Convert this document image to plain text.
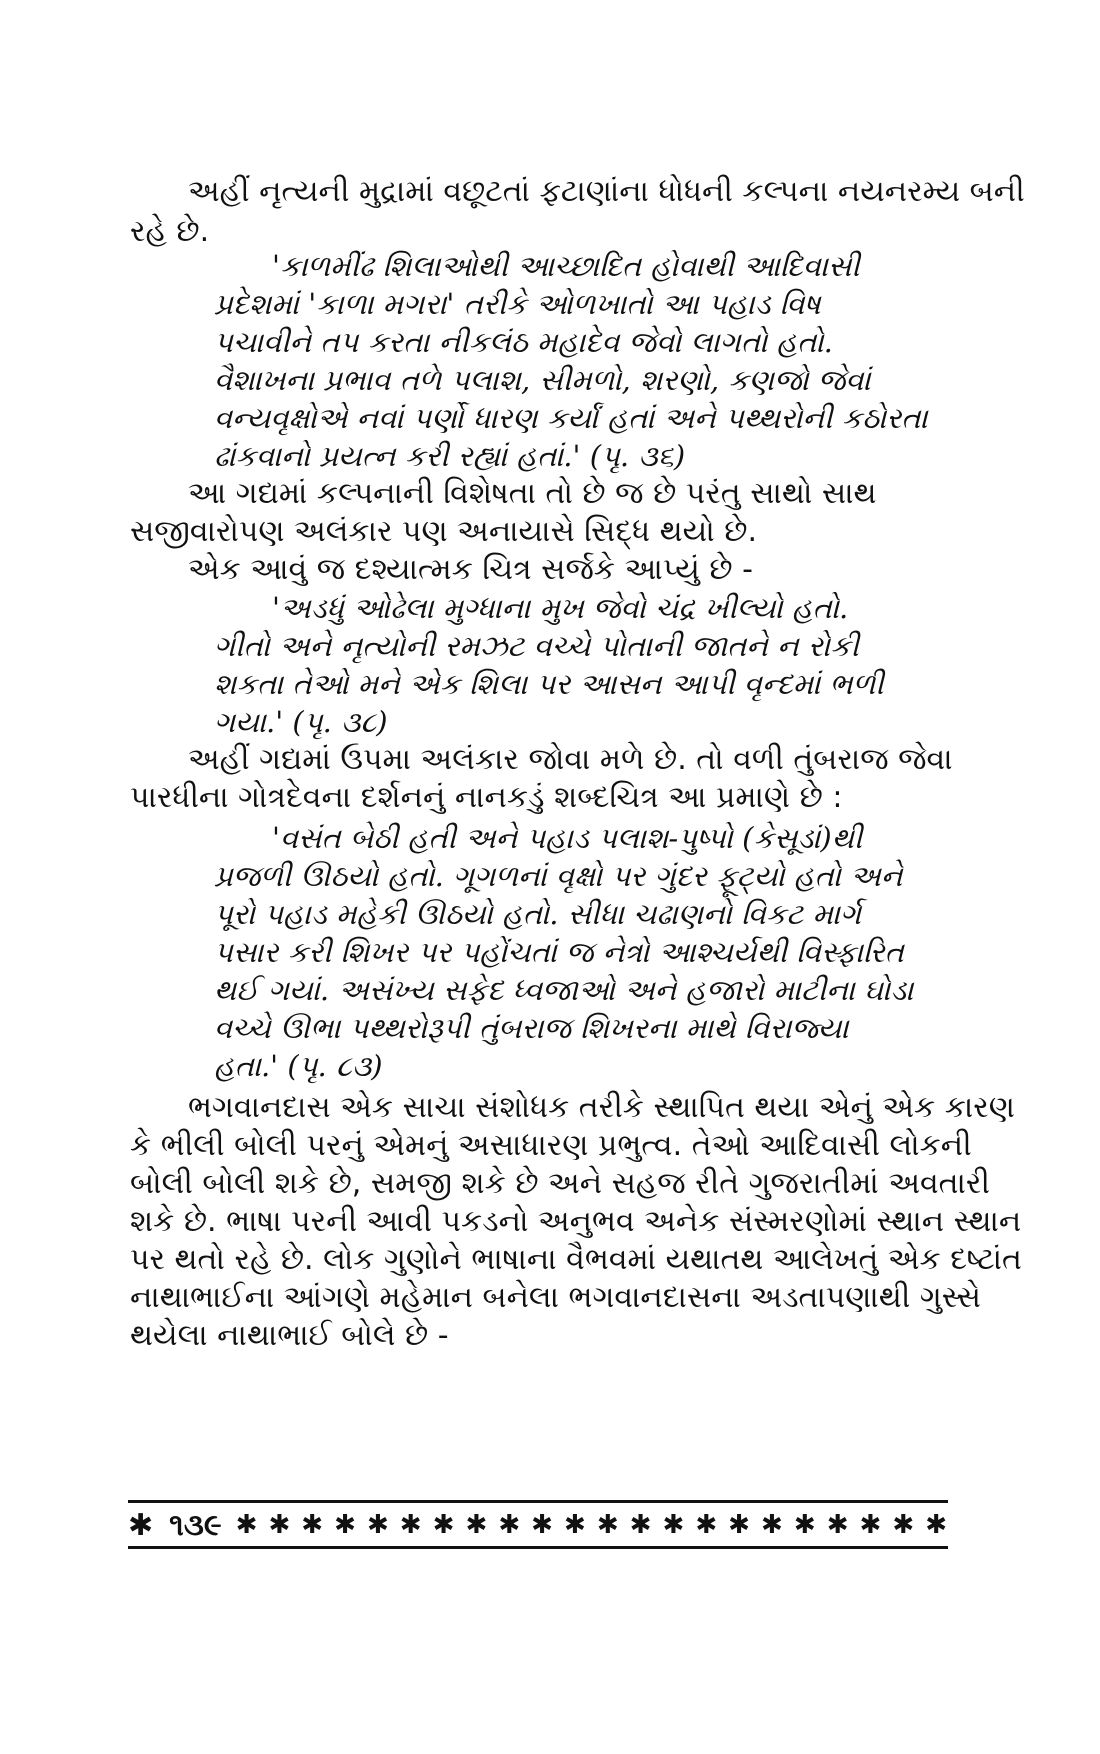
અહીં નૃત્યની મુદ્રામાં વછૂટતાં ફટાણાંના ધોધની કલ્પના નયનરમ્ય બની
રહે છે.
'કાળમીંઢ શિલાઓથી આચ્છાદિત હોવાથી આદિવાસી
પ્રદેશમાં 'કાળા મગરા' તરીકે ઓળખાતો આ પહાડ વિષ
પચાવીને તપ કરતા નીકલંઠ મહાદેવ જેવો લાગતો હતો.
વૈશાખના પ્રભાવ તળે પલાશ, સીમળો, શરણો, કણજો જેવાં
વન્યવૃક્ષોએ નવાં પર્ણો ધારણ કર્યાં હતાં અને પથ્થરોની કઠોરતા
ઢાંકવાનો પ્રયત્ન કરી રહ્યાં હતાં.' (પૃ. ૩૬)
આ ગદ્યમાં કલ્પનાની વિશેષતા તો છે જ છે પરંતુ સાથો સાથ
સજીવારોપણ અલંકાર પણ અનાયાસે સિદ્ધ થયો છે.
એક આવું જ દશ્યાત્મક ચિત્ર સર્જકે આપ્યું છે -
'અડધું ઓઢેલા મુગ્ધાના મુખ જેવો ચંદ્ર ખીલ્યો હતો.
ગીતો અને નૃત્યોની રમઝટ વચ્ચે પોતાની જાતને ન રોકી
શકતા તેઓ મને એક શિલા પર આસન આપી વૃન્દમાં ભળી
ગયા.' (પૃ. ૩૮)
અહીં ગદ્યમાં ઉપમા અલંકાર જોવા મળે છે. તો વળી તુંબરાજ જેવા
પારધીના ગોત્રદેવના દર્શનનું નાનકડું શબ્દચિત્ર આ પ્રમાણે છે :
'વસંત બેઠી હતી અને પહાડ પલાશ-પુષ્પો (કેસૂડાં)થી
પ્રજળી ઊઠયો હતો. ગૂગળનાં વૃક્ષો પર ગુંદર ફૂટ્યો હતો અને
પૂરો પહાડ મહેકી ઊઠયો હતો. સીધા ચઢાણનો વિકટ માર્ગ
પસાર કરી શિખર પર પહોંચતાં જ નેત્રો આશ્ચર્યથી વિસ્ફારિત
થઈ ગયાં. અસંખ્ય સફેદ ધ્વજાઓ અને હજારો માટીના ઘોડા
વચ્ચે ઊભા પથ્થરોરૂપી તુંબરાજ શિખરના માથે વિરાજ્યા
હતા.' (પૃ. ૮૩)
ભગવાનદાસ એક સાચા સંશોધક તરીકે સ્થાપિત થયા એનું એક કારણ
કે ભીલી બોલી પરનું એમનું અસાધારણ પ્રભુત્વ. તેઓ આદિવાસી લોકની
બોલી બોલી શકે છે, સમજી શકે છે અને સહજ રીતે ગુજરાતીમાં અવતારી
શકે છે. ભાષા પરની આવી પકડનો અનુભવ અનેક સંસ્મરણોમાં સ્થાન સ્થાન
પર થતો રહે છે. લોક ગુણોને ભાષાના વૈભવમાં યથાતથ આલેખતું એક દષ્ટાંત
નાથાભાઈના આંગણે મહેમાન બનેલા ભગવાનદાસના અડતાપણાથી ગુસ્સે
થયેલા નાથાભાઈ બોલે છે -
✱ ૧૩૯ ✱ ✱ ✱ ✱ ✱ ✱ ✱ ✱ ✱ ✱ ✱ ✱ ✱ ✱ ✱ ✱ ✱ ✱ ✱ ✱ ✱ ✱
